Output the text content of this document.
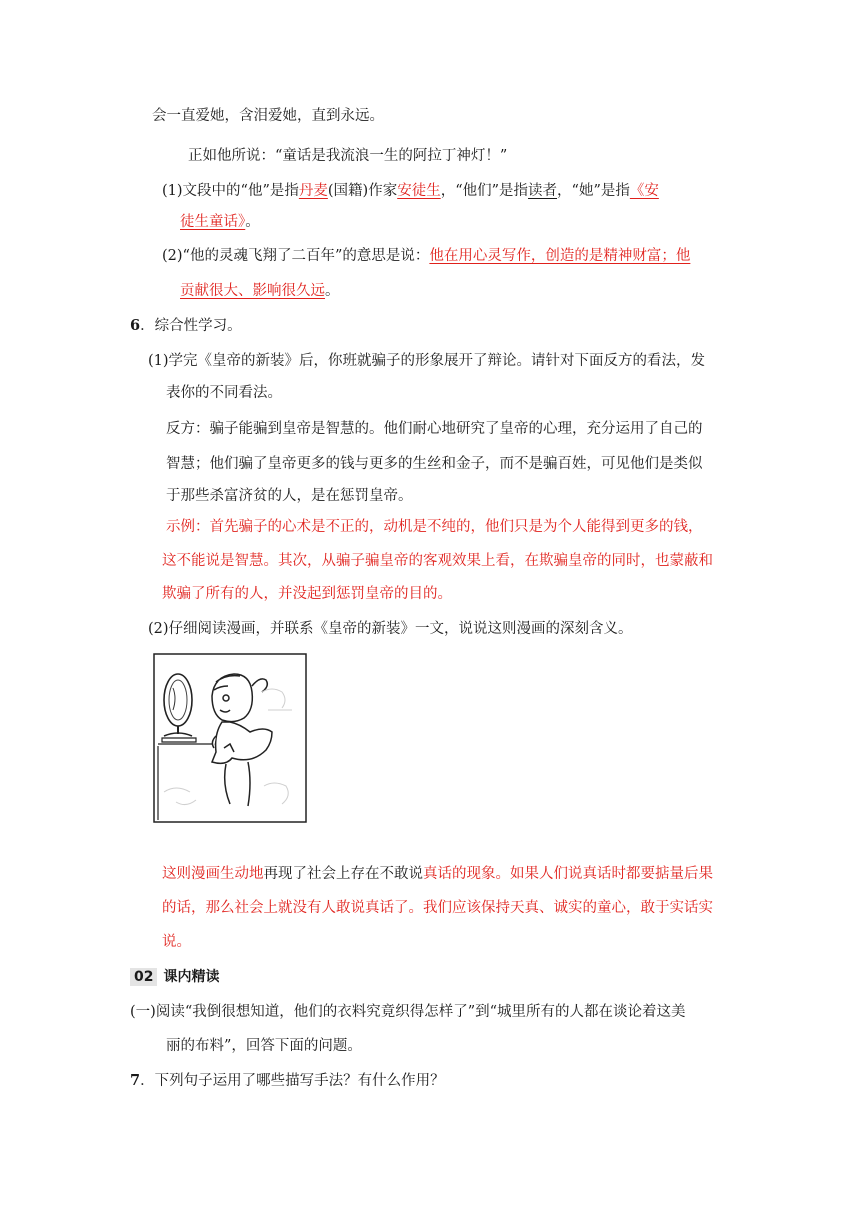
会一直爱她，含泪爱她，直到永远。
正如他所说：“童话是我流浪一生的阿拉丁神灯！”
(1)文段中的“他”是指丹麦(国籍)作家安徒生，“他们”是指读者，“她”是指《安
徒生童话》。
(2)“他的灵魂飞翔了二百年”的意思是说：他在用心灵写作，创造的是精神财富；他
贡献很大、影响很久远。
6．综合性学习。
(1)学完《皇帝的新装》后，你班就骗子的形象展开了辩论。请针对下面反方的看法，发
表你的不同看法。
反方：骗子能骗到皇帝是智慧的。他们耐心地研究了皇帝的心理，充分运用了自己的
智慧；他们骗了皇帝更多的钱与更多的生丝和金子，而不是骗百姓，可见他们是类似
于那些杀富济贫的人，是在惩罚皇帝。
示例：首先骗子的心术是不正的，动机是不纯的，他们只是为个人能得到更多的钱，
这不能说是智慧。其次，从骗子骗皇帝的客观效果上看，在欺骗皇帝的同时，也蒙蔽和
欺骗了所有的人，并没起到惩罚皇帝的目的。
(2)仔细阅读漫画，并联系《皇帝的新装》一文，说说这则漫画的深刻含义。
这则漫画生动地再现了社会上存在不敢说真话的现象。如果人们说真话时都要掂量后果
的话，那么社会上就没有人敢说真话了。我们应该保持天真、诚实的童心，敢于实话实
说。
02 课内精读
(一)阅读“我倒很想知道，他们的衣料究竟织得怎样了”到“城里所有的人都在谈论着这美
丽的布料”，回答下面的问题。
7．下列句子运用了哪些描写手法？有什么作用？
